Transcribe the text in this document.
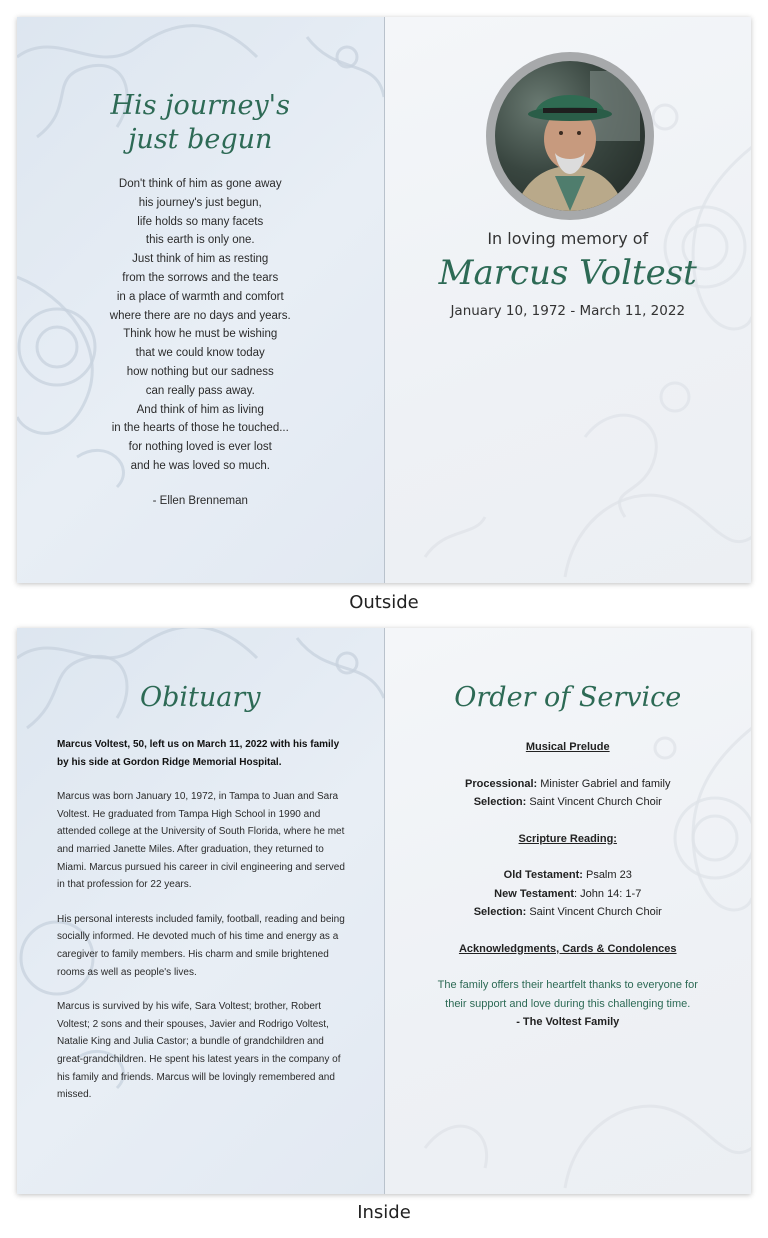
His journey's
just begun
Don't think of him as gone away
his journey's just begun,
life holds so many facets
this earth is only one.
Just think of him as resting
from the sorrows and the tears
in a place of warmth and comfort
where there are no days and years.
Think how he must be wishing
that we could know today
how nothing but our sadness
can really pass away.
And think of him as living
in the hearts of those he touched...
for nothing loved is ever lost
and he was loved so much.
- Ellen Brenneman
In loving memory of
Marcus Voltest
January 10, 1972 - March 11, 2022
Outside
Obituary

Marcus Voltest, 50, left us on March 11, 2022 with his family by his side at Gordon Ridge Memorial Hospital.

Marcus was born January 10, 1972, in Tampa to Juan and Sara Voltest. He graduated from Tampa High School in 1990 and attended college at the University of South Florida, where he met and married Janette Miles. After graduation, they returned to Miami. Marcus pursued his career in civil engineering and served in that profession for 22 years.

His personal interests included family, football, reading and being socially informed. He devoted much of his time and energy as a caregiver to family members. His charm and smile brightened rooms as well as people's lives.

Marcus is survived by his wife, Sara Voltest; brother, Robert Voltest; 2 sons and their spouses, Javier and Rodrigo Voltest, Natalie King and Julia Castor; a bundle of grandchildren and great-grandchildren. He spent his latest years in the company of his family and friends. Marcus will be lovingly remembered and missed.

Order of Service
Musical Prelude
Processional: Minister Gabriel and family
Selection: Saint Vincent Church Choir
Scripture Reading:
Old Testament: Psalm 23
New Testament: John 14: 1-7
Selection: Saint Vincent Church Choir
Acknowledgments, Cards & Condolences
The family offers their heartfelt thanks to everyone for
their support and love during this challenging time.
- The Voltest Family
Inside
